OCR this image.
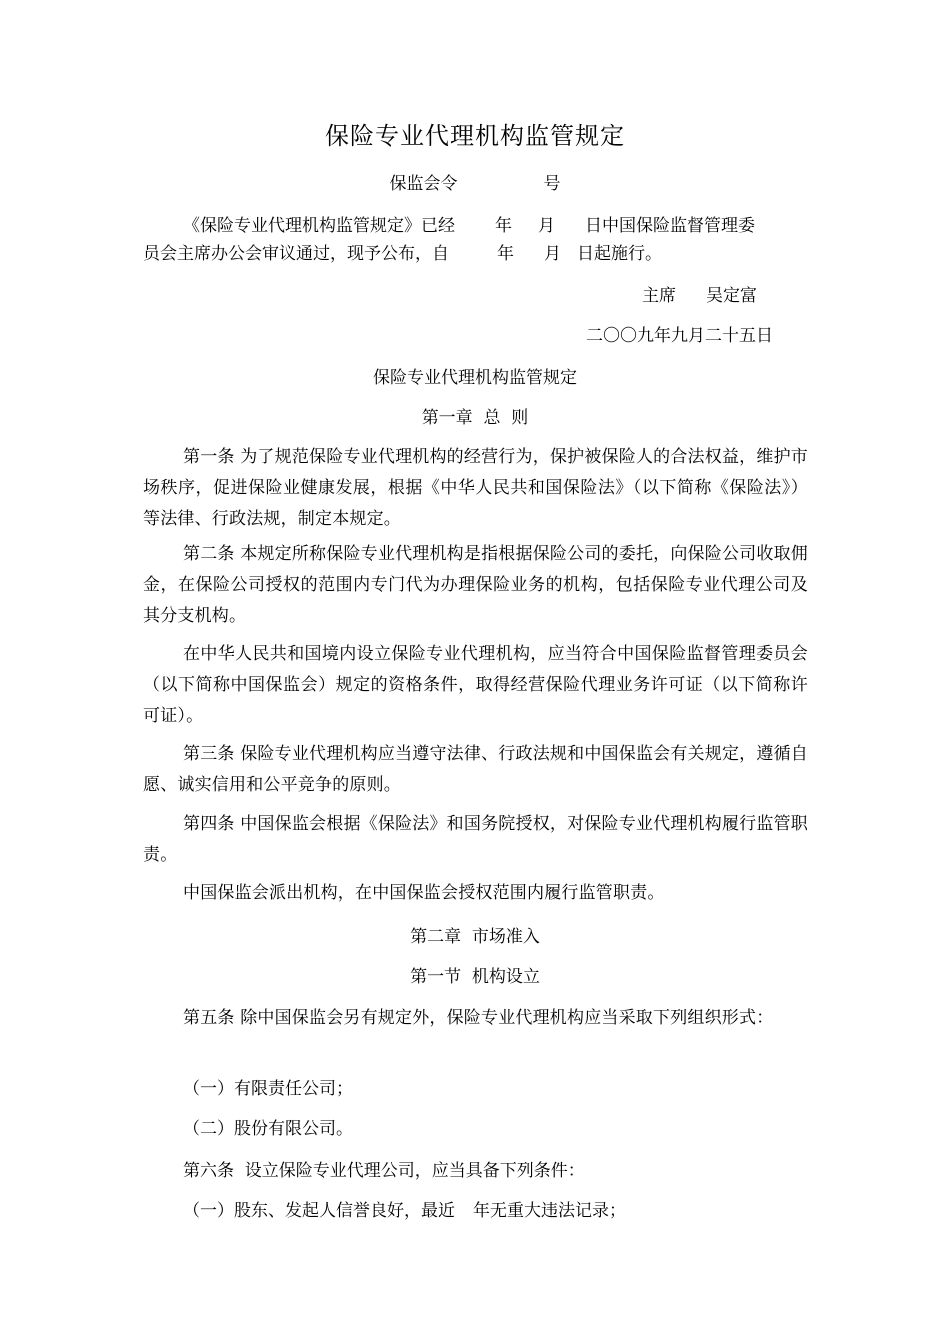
保险专业代理机构监管规定
保监会令	号
《保险专业代理机构监管规定》已经 年 月 日中国保险监督管理委
员会主席办公会审议通过，现予公布，自	年 月 日起施行。
主席 吴定富
二〇〇九年九月二十五日
保险专业代理机构监管规定
第一章  总  则
第一条 为了规范保险专业代理机构的经营行为，保护被保险人的合法权益，维护市场秩序，促进保险业健康发展，根据《中华人民共和国保险法》（以下简称《保险法》）等法律、行政法规，制定本规定。
第二条 本规定所称保险专业代理机构是指根据保险公司的委托，向保险公司收取佣金，在保险公司授权的范围内专门代为办理保险业务的机构，包括保险专业代理公司及其分支机构。
在中华人民共和国境内设立保险专业代理机构，应当符合中国保险监督管理委员会（以下简称中国保监会）规定的资格条件，取得经营保险代理业务许可证（以下简称许可证）。
第三条 保险专业代理机构应当遵守法律、行政法规和中国保监会有关规定，遵循自愿、诚实信用和公平竞争的原则。
第四条 中国保监会根据《保险法》和国务院授权，对保险专业代理机构履行监管职责。
中国保监会派出机构，在中国保监会授权范围内履行监管职责。
第二章  市场准入
第一节  机构设立
第五条 除中国保监会另有规定外，保险专业代理机构应当采取下列组织形式：
（一）有限责任公司；
（二）股份有限公司。
第六条  设立保险专业代理公司，应当具备下列条件：
（一）股东、发起人信誉良好，最近 年无重大违法记录；
